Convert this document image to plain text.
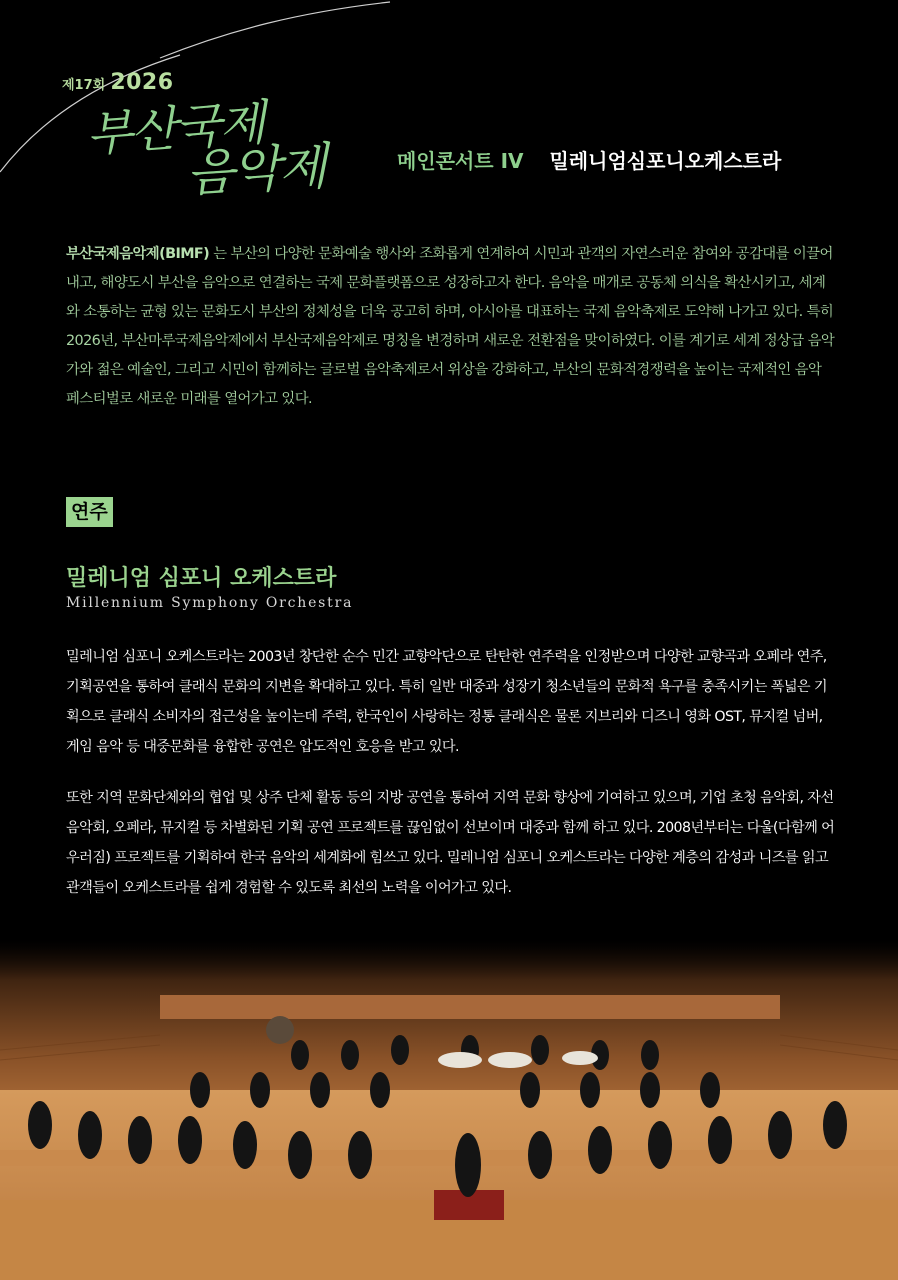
제17회 2026
부산국제
음악제	메인콘서트 IV 밀레니엄심포니오케스트라
부산국제음악제(BIMF) 는 부산의 다양한 문화예술 행사와 조화롭게 연계하여 시민과 관객의 자연스러운 참여와 공감대를 이끌어내고, 해양도시 부산을 음악으로 연결하는 국제 문화플랫폼으로 성장하고자 한다. 음악을 매개로 공동체 의식을 확산시키고, 세계와 소통하는 균형 있는 문화도시 부산의 정체성을 더욱 공고히 하며, 아시아를 대표하는 국제 음악축제로 도약해 나가고 있다. 특히 2026년, 부산마루국제음악제에서 부산국제음악제로 명칭을 변경하며 새로운 전환점을 맞이하였다. 이를 계기로 세계 정상급 음악가와 젊은 예술인, 그리고 시민이 함께하는 글로벌 음악축제로서 위상을 강화하고, 부산의 문화적경쟁력을 높이는 국제적인 음악 페스티벌로 새로운 미래를 열어가고 있다.
연주
밀레니엄 심포니 오케스트라
Millennium Symphony Orchestra
밀레니엄 심포니 오케스트라는 2003년 창단한 순수 민간 교향악단으로 탄탄한 연주력을 인정받으며 다양한 교향곡과 오페라 연주, 기획공연을 통하여 클래식 문화의 지변을 확대하고 있다. 특히 일반 대중과 성장기 청소년들의 문화적 욕구를 충족시키는 폭넓은 기획으로 클래식 소비자의 접근성을 높이는데 주력, 한국인이 사랑하는 정통 클래식은 물론 지브리와 디즈니 영화 OST, 뮤지컬 넘버, 게임 음악 등 대중문화를 융합한 공연은 압도적인 호응을 받고 있다.
또한 지역 문화단체와의 협업 및 상주 단체 활동 등의 지방 공연을 통하여 지역 문화 향상에 기여하고 있으며, 기업 초청 음악회, 자선 음악회, 오페라, 뮤지컬 등 차별화된 기획 공연 프로젝트를 끊임없이 선보이며 대중과 함께 하고 있다. 2008년부터는 다울(다함께 어우러짐) 프로젝트를 기획하여 한국 음악의 세계화에 힘쓰고 있다. 밀레니엄 심포니 오케스트라는 다양한 계층의 감성과 니즈를 읽고 관객들이 오케스트라를 쉽게 경험할 수 있도록 최선의 노력을 이어가고 있다.
